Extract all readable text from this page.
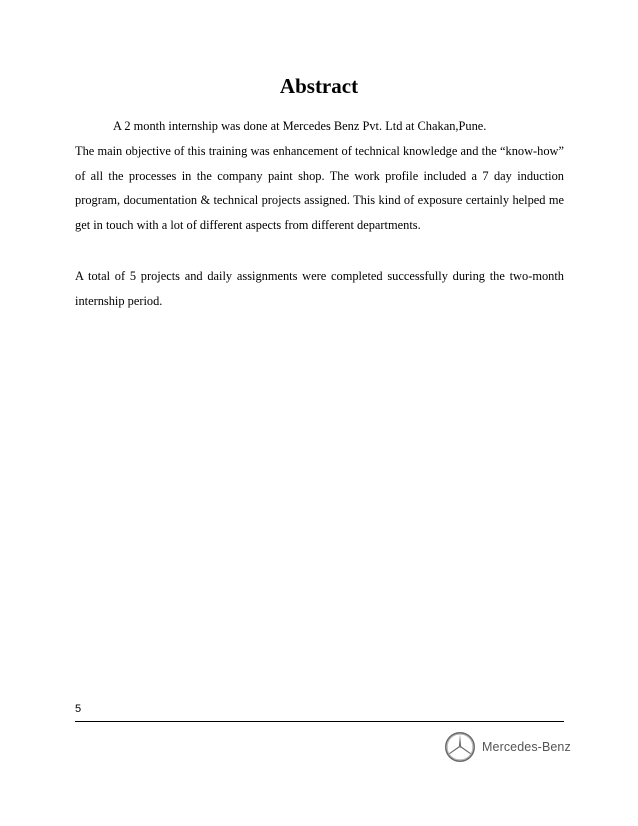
Abstract

A 2 month internship was done at Mercedes Benz Pvt. Ltd at Chakan,Pune.

The main objective of this training was enhancement of technical knowledge and the “know-how” of all the processes in the company paint shop. The work profile included a 7 day induction program, documentation & technical projects assigned. This kind of exposure certainly helped me get in touch with a lot of different aspects from different departments.

A total of 5 projects and daily assignments were completed successfully during the two-month internship period.

5
Mercedes-Benz
